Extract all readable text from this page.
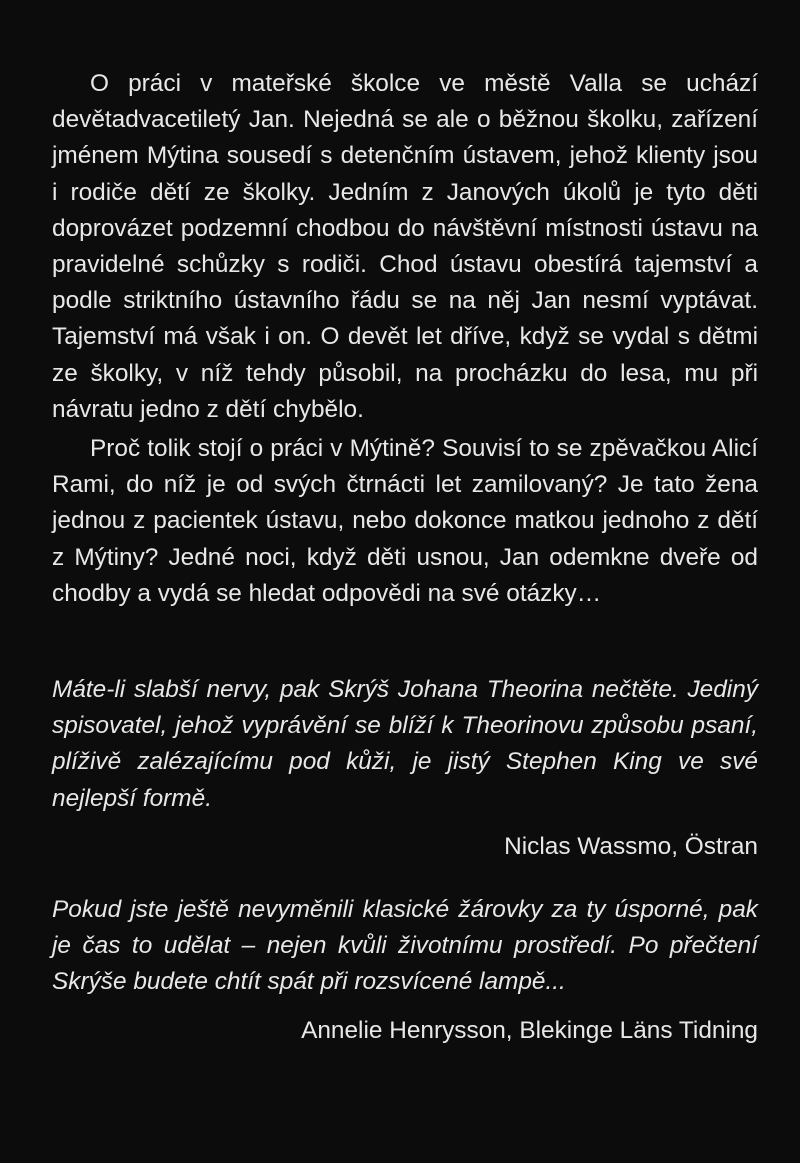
O práci v mateřské školce ve městě Valla se uchází devětadvacetiletý Jan. Nejedná se ale o běžnou školku, zařízení jménem Mýtina sousedí s detenčním ústavem, jehož klienty jsou i rodiče dětí ze školky. Jedním z Janových úkolů je tyto děti doprovázet podzemní chodbou do návštěvní místnosti ústavu na pravidelné schůzky s rodiči. Chod ústavu obestírá tajemství a podle striktního ústavního řádu se na něj Jan nesmí vyptávat. Tajemství má však i on. O devět let dříve, když se vydal s dětmi ze školky, v níž tehdy působil, na procházku do lesa, mu při návratu jedno z dětí chybělo.

Proč tolik stojí o práci v Mýtině? Souvisí to se zpěvačkou Alicí Rami, do níž je od svých čtrnácti let zamilovaný? Je tato žena jednou z pacientek ústavu, nebo dokonce matkou jednoho z dětí z Mýtiny? Jedné noci, když děti usnou, Jan odemkne dveře od chodby a vydá se hledat odpovědi na své otázky…

Máte-li slabší nervy, pak Skrýš Johana Theorina nečtěte. Jediný spisovatel, jehož vyprávění se blíží k Theorinovu způsobu psaní, plíživě zalézajícímu pod kůži, je jistý Stephen King ve své nejlepší formě.

Niclas Wassmo, Östran

Pokud jste ještě nevyměnili klasické žárovky za ty úsporné, pak je čas to udělat – nejen kvůli životnímu prostředí. Po přečtení Skrýše budete chtít spát při rozsvícené lampě...

Annelie Henrysson, Blekinge Läns Tidning
